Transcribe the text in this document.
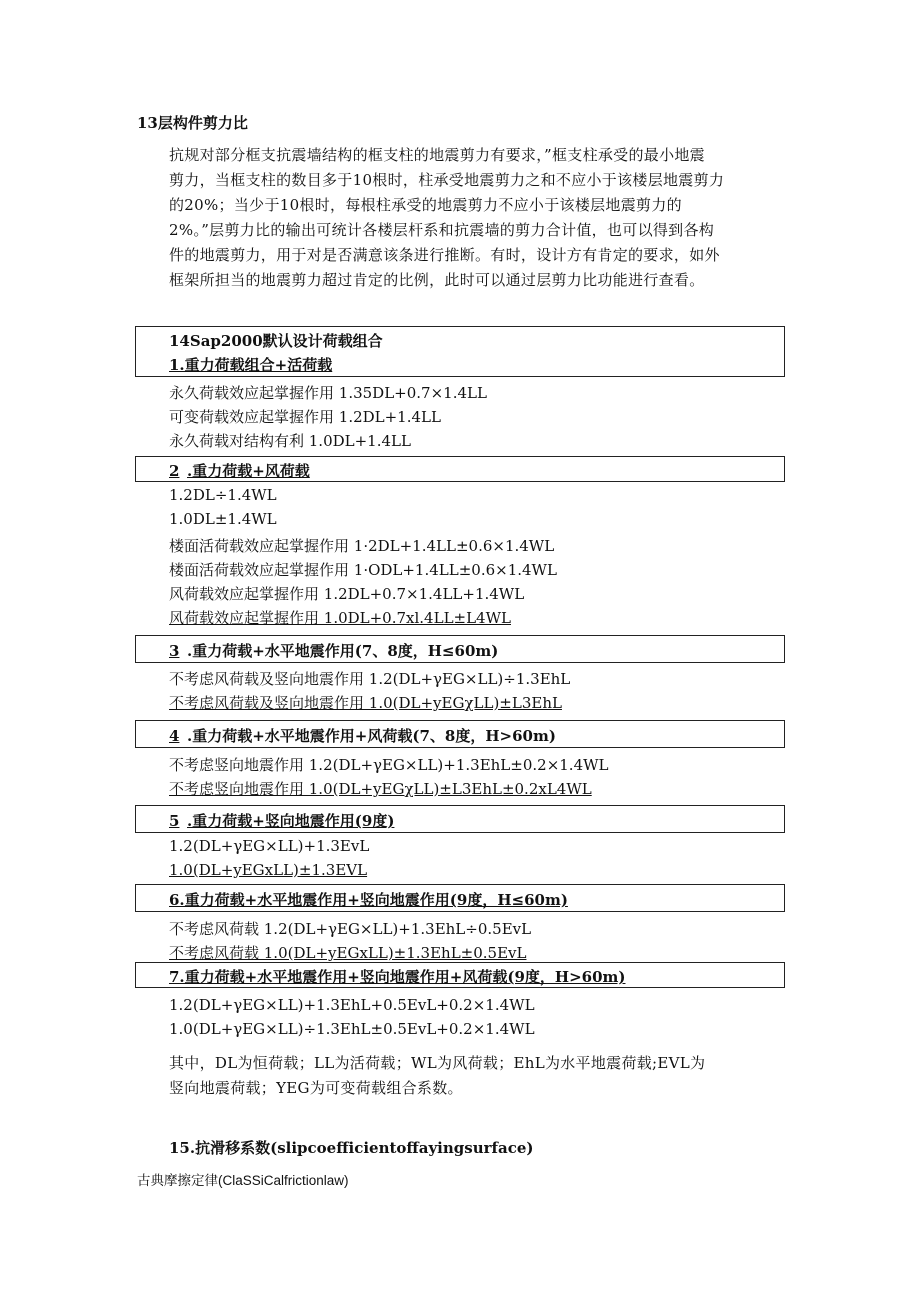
13层构件剪力比
抗规对部分框支抗震墙结构的框支柱的地震剪力有要求，”框支柱承受的最小地震
剪力，当框支柱的数目多于10根时，柱承受地震剪力之和不应小于该楼层地震剪力
的20%；当少于10根时，每根柱承受的地震剪力不应小于该楼层地震剪力的
2%。”层剪力比的输出可统计各楼层杆系和抗震墙的剪力合计值，也可以得到各构
件的地震剪力，用于对是否满意该条进行推断。有时，设计方有肯定的要求，如外
框架所担当的地震剪力超过肯定的比例，此时可以通过层剪力比功能进行查看。
14Sap2000默认设计荷载组合
1.重力荷载组合+活荷载
永久荷载效应起掌握作用 1.35DL+0.7×1.4LL
可变荷载效应起掌握作用 1.2DL+1.4LL
永久荷载对结构有利 1.0DL+1.4LL
2 .重力荷载+风荷载
1.2DL÷1.4WL
1.0DL±1.4WL
楼面活荷载效应起掌握作用 1·2DL+1.4LL±0.6×1.4WL
楼面活荷载效应起掌握作用 1·ODL+1.4LL±0.6×1.4WL
风荷载效应起掌握作用 1.2DL+0.7×1.4LL+1.4WL
风荷载效应起掌握作用 1.0DL+0.7xl.4LL±L4WL
3 .重力荷载+水平地震作用(7、8度，H≤60m)
不考虑风荷载及竖向地震作用 1.2(DL+γEG×LL)÷1.3EhL
不考虑风荷载及竖向地震作用 1.0(DL+yEGχLL)±L3EhL
4 .重力荷载+水平地震作用+风荷载(7、8度，H>60m)
不考虑竖向地震作用 1.2(DL+γEG×LL)+1.3EhL±0.2×1.4WL
不考虑竖向地震作用 1.0(DL+yEGχLL)±L3EhL±0.2xL4WL
5 .重力荷载+竖向地震作用(9度)
1.2(DL+γEG×LL)+1.3EvL
1.0(DL+yEGxLL)±1.3EVL
6.重力荷载+水平地震作用+竖向地震作用(9度，H≤60m)
不考虑风荷载 1.2(DL+γEG×LL)+1.3EhL÷0.5EvL
不考虑风荷载 1.0(DL+yEGxLL)±1.3EhL±0.5EvL
7.重力荷载+水平地震作用+竖向地震作用+风荷载(9度，H>60m)
1.2(DL+γEG×LL)+1.3EhL+0.5EvL+0.2×1.4WL
1.0(DL+γEG×LL)÷1.3EhL±0.5EvL+0.2×1.4WL
其中，DL为恒荷载；LL为活荷载；WL为风荷载；EhL为水平地震荷载;EVL为
竖向地震荷载；YEG为可变荷载组合系数。
15.抗滑移系数(slipcoefficientoffayingsurface)
古典摩擦定律(ClaSSiCalfrictionlaw)
